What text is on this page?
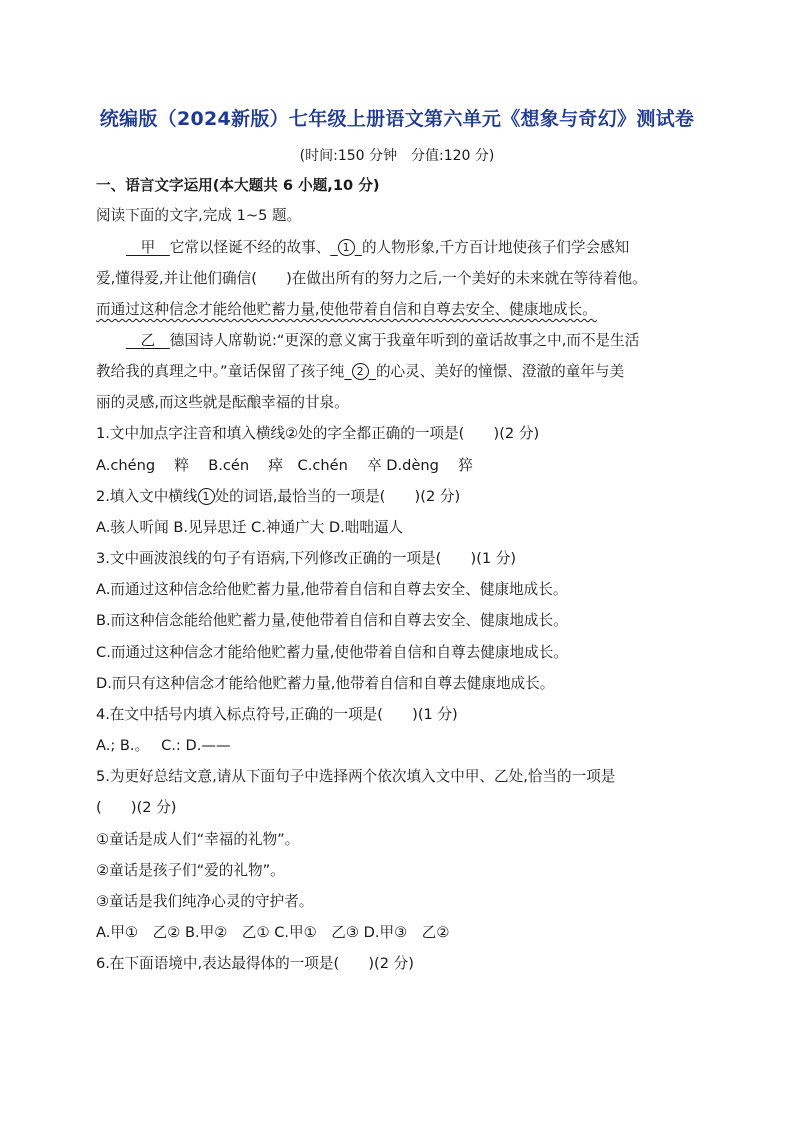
统编版（2024新版）七年级上册语文第六单元《想象与奇幻》测试卷
(时间:150 分钟　分值:120 分)
一、语言文字运用(本大题共 6 小题,10 分)
阅读下面的文字,完成 1~5 题。
　甲　它常以怪诞不经的故事、  1  的人物形象,千方百计地使孩子们学会感知
爱,懂得爱,并让他们确信(　　)在做出所有的努力之后,一个美好的未来就在等待着他。
而通过这种信念才能给他贮蓄力量,使他带着自信和自尊去安全、健康地成长。
　乙　德国诗人席勒说:“更深的意义寓于我童年听到的童话故事之中,而不是生活
教给我的真理之中。”童话保留了孩子纯  2  的心灵、美好的憧憬、澄澈的童年与美
丽的灵感,而这些就是酝酿幸福的甘泉。
1.文中加点字注音和填入横线②处的字全都正确的一项是(　　)(2 分)
A.chéng　 粹　 B.cén　 瘁　C.chén　 卒 D.dèng　 猝
2.填入文中横线 1 处的词语,最恰当的一项是(　　)(2 分)
A.骇人听闻 B.见异思迁 C.神通广大 D.咄咄逼人
3.文中画波浪线的句子有语病,下列修改正确的一项是(　　)(1 分)
A.而通过这种信念给他贮蓄力量,他带着自信和自尊去安全、健康地成长。
B.而这种信念能给他贮蓄力量,使他带着自信和自尊去安全、健康地成长。
C.而通过这种信念才能给他贮蓄力量,使他带着自信和自尊去健康地成长。
D.而只有这种信念才能给他贮蓄力量,他带着自信和自尊去健康地成长。
4.在文中括号内填入标点符号,正确的一项是(　　)(1 分)
A.; B.。　 C.: D.——
5.为更好总结文意,请从下面句子中选择两个依次填入文中甲、乙处,恰当的一项是
(　　)(2 分)
①童话是成人们“幸福的礼物”。
②童话是孩子们“爱的礼物”。
③童话是我们纯净心灵的守护者。
A.甲①　乙② B.甲②　乙① C.甲①　乙③ D.甲③　乙②
6.在下面语境中,表达最得体的一项是(　　)(2 分)
